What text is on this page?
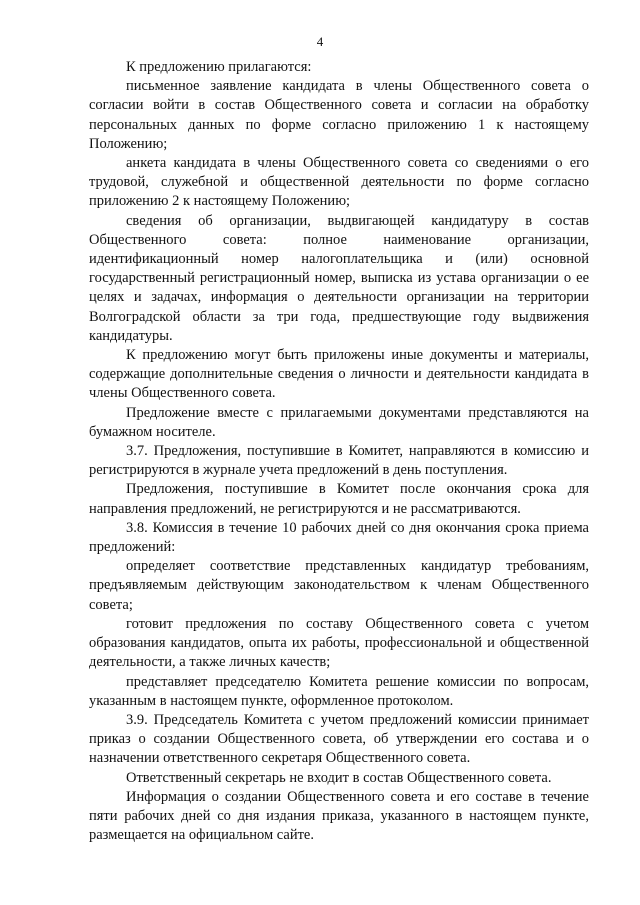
4

К предложению прилагаются:

письменное заявление кандидата в члены Общественного совета о согласии войти в состав Общественного совета и согласии на обработку персональных данных по форме согласно приложению 1 к настоящему Положению;

анкета кандидата в члены Общественного совета со сведениями о его трудовой, служебной и общественной деятельности по форме согласно приложению 2 к настоящему Положению;

сведения об организации, выдвигающей кандидатуру в состав Общественного совета: полное наименование организации, идентификационный номер налогоплательщика и (или) основной государственный регистрационный номер, выписка из устава организации о ее целях и задачах, информация о деятельности организации на территории Волгоградской области за три года, предшествующие году выдвижения кандидатуры.

К предложению могут быть приложены иные документы и материалы, содержащие дополнительные сведения о личности и деятельности кандидата в члены Общественного совета.

Предложение вместе с прилагаемыми документами представляются на бумажном носителе.

3.7. Предложения, поступившие в Комитет, направляются в комиссию и регистрируются в журнале учета предложений в день поступления.

Предложения, поступившие в Комитет после окончания срока для направления предложений, не регистрируются и не рассматриваются.

3.8. Комиссия в течение 10 рабочих дней со дня окончания срока приема предложений:

определяет соответствие представленных кандидатур требованиям, предъявляемым действующим законодательством к членам Общественного совета;

готовит предложения по составу Общественного совета с учетом образования кандидатов, опыта их работы, профессиональной и общественной деятельности, а также личных качеств;

представляет председателю Комитета решение комиссии по вопросам, указанным в настоящем пункте, оформленное протоколом.

3.9. Председатель Комитета с учетом предложений комиссии принимает приказ о создании Общественного совета, об утверждении его состава и о назначении ответственного секретаря Общественного совета.

Ответственный секретарь не входит в состав Общественного совета.

Информация о создании Общественного совета и его составе в течение пяти рабочих дней со дня издания приказа, указанного в настоящем пункте, размещается на официальном сайте.
